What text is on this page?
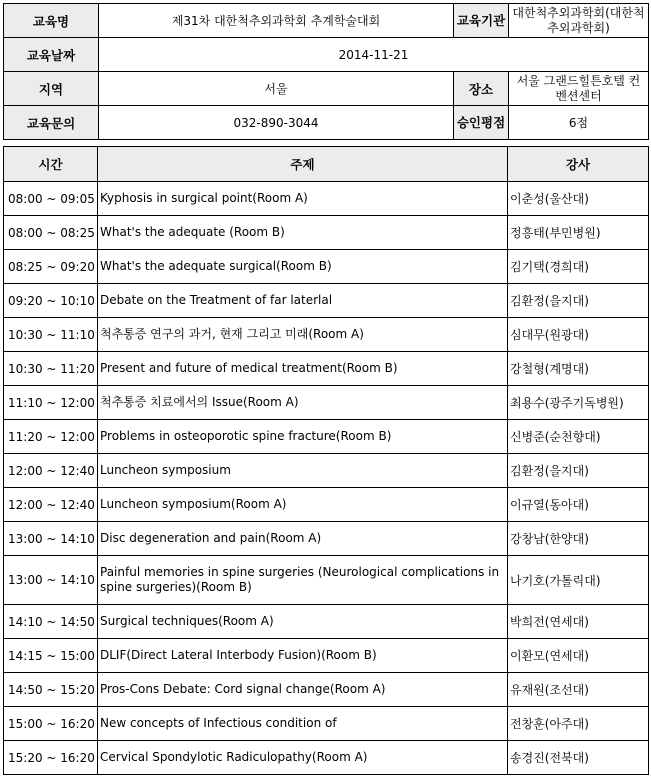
교육명	제31차 대한척추외과학회 추계학술대회	교육기관	대한척추외과학회(대한척추외과학회)
교육날짜	2014-11-21		
지역	서울	장소	서울 그랜드힐튼호텔 컨벤션센터
교육문의	032-890-3044	승인평점	6점
시간	주제	강사
08:00 ~ 09:05	Kyphosis in surgical point(Room A)	이춘성(울산대)
08:00 ~ 08:25	What's the adequate (Room B)	정흥태(부민병원)
08:25 ~ 09:20	What's the adequate surgical(Room B)	김기택(경희대)
09:20 ~ 10:10	Debate on the Treatment of far laterlal	김환정(을지대)
10:30 ~ 11:10	척추통증 연구의 과거, 현재 그리고 미래(Room A)	심대무(원광대)
10:30 ~ 11:20	Present and future of medical treatment(Room B)	강철형(계명대)
11:10 ~ 12:00	척추통증 치료에서의 Issue(Room A)	최용수(광주기독병원)
11:20 ~ 12:00	Problems in osteoporotic spine fracture(Room B)	신병준(순천향대)
12:00 ~ 12:40	Luncheon symposium	김환정(을지대)
12:00 ~ 12:40	Luncheon symposium(Room A)	이규열(동아대)
13:00 ~ 14:10	Disc degeneration and pain(Room A)	강창남(한양대)
13:00 ~ 14:10	Painful memories in spine surgeries (Neurological complications in spine surgeries)(Room B)	나기호(가톨릭대)
14:10 ~ 14:50	Surgical techniques(Room A)	박희전(연세대)
14:15 ~ 15:00	DLIF(Direct Lateral Interbody Fusion)(Room B)	이환모(연세대)
14:50 ~ 15:20	Pros-Cons Debate: Cord signal change(Room A)	유재원(조선대)
15:00 ~ 16:20	New concepts of Infectious condition of	전창훈(아주대)
15:20 ~ 16:20	Cervical Spondylotic Radiculopathy(Room A)	송경진(전북대)
